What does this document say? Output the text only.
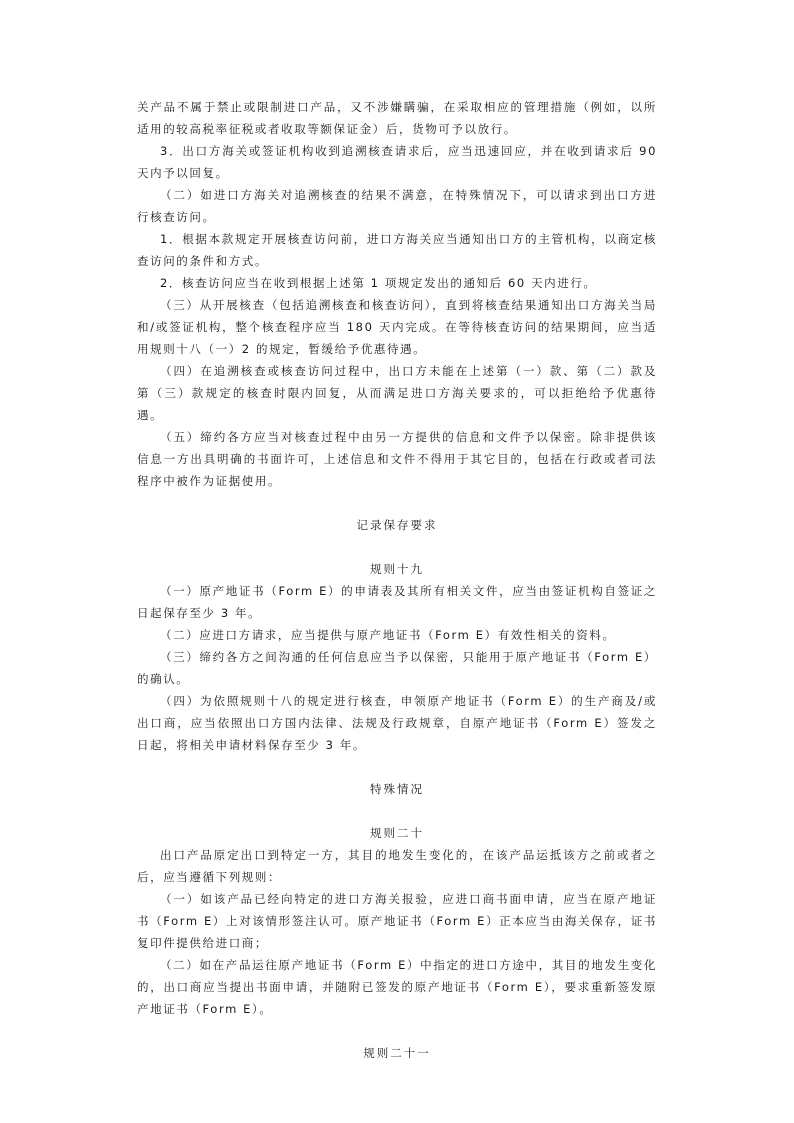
关产品不属于禁止或限制进口产品，又不涉嫌瞒骗，在采取相应的管理措施（例如，以所适用的较高税率征税或者收取等额保证金）后，货物可予以放行。

3．出口方海关或签证机构收到追溯核查请求后，应当迅速回应，并在收到请求后 90 天内予以回复。

（二）如进口方海关对追溯核查的结果不满意，在特殊情况下，可以请求到出口方进行核查访问。

1．根据本款规定开展核查访问前，进口方海关应当通知出口方的主管机构，以商定核查访问的条件和方式。

2．核查访问应当在收到根据上述第 1 项规定发出的通知后 60 天内进行。

（三）从开展核查（包括追溯核查和核查访问），直到将核查结果通知出口方海关当局和/或签证机构，整个核查程序应当 180 天内完成。在等待核查访问的结果期间，应当适用规则十八（一）2 的规定，暂缓给予优惠待遇。

（四）在追溯核查或核查访问过程中，出口方未能在上述第（一）款、第（二）款及第（三）款规定的核查时限内回复，从而满足进口方海关要求的，可以拒绝给予优惠待遇。

（五）缔约各方应当对核查过程中由另一方提供的信息和文件予以保密。除非提供该信息一方出具明确的书面许可，上述信息和文件不得用于其它目的，包括在行政或者司法程序中被作为证据使用。

记录保存要求

规则十九

（一）原产地证书（Form E）的申请表及其所有相关文件，应当由签证机构自签证之日起保存至少 3 年。

（二）应进口方请求，应当提供与原产地证书（Form E）有效性相关的资料。

（三）缔约各方之间沟通的任何信息应当予以保密，只能用于原产地证书（Form E）的确认。

（四）为依照规则十八的规定进行核查，申领原产地证书（Form E）的生产商及/或出口商，应当依照出口方国内法律、法规及行政规章，自原产地证书（Form E）签发之日起，将相关申请材料保存至少 3 年。

特殊情况

规则二十

出口产品原定出口到特定一方，其目的地发生变化的，在该产品运抵该方之前或者之后，应当遵循下列规则：

（一）如该产品已经向特定的进口方海关报验，应进口商书面申请，应当在原产地证书（Form E）上对该情形签注认可。原产地证书（Form E）正本应当由海关保存，证书复印件提供给进口商；

（二）如在产品运往原产地证书（Form E）中指定的进口方途中，其目的地发生变化的，出口商应当提出书面申请，并随附已签发的原产地证书（Form E），要求重新签发原产地证书（Form E）。

规则二十一
